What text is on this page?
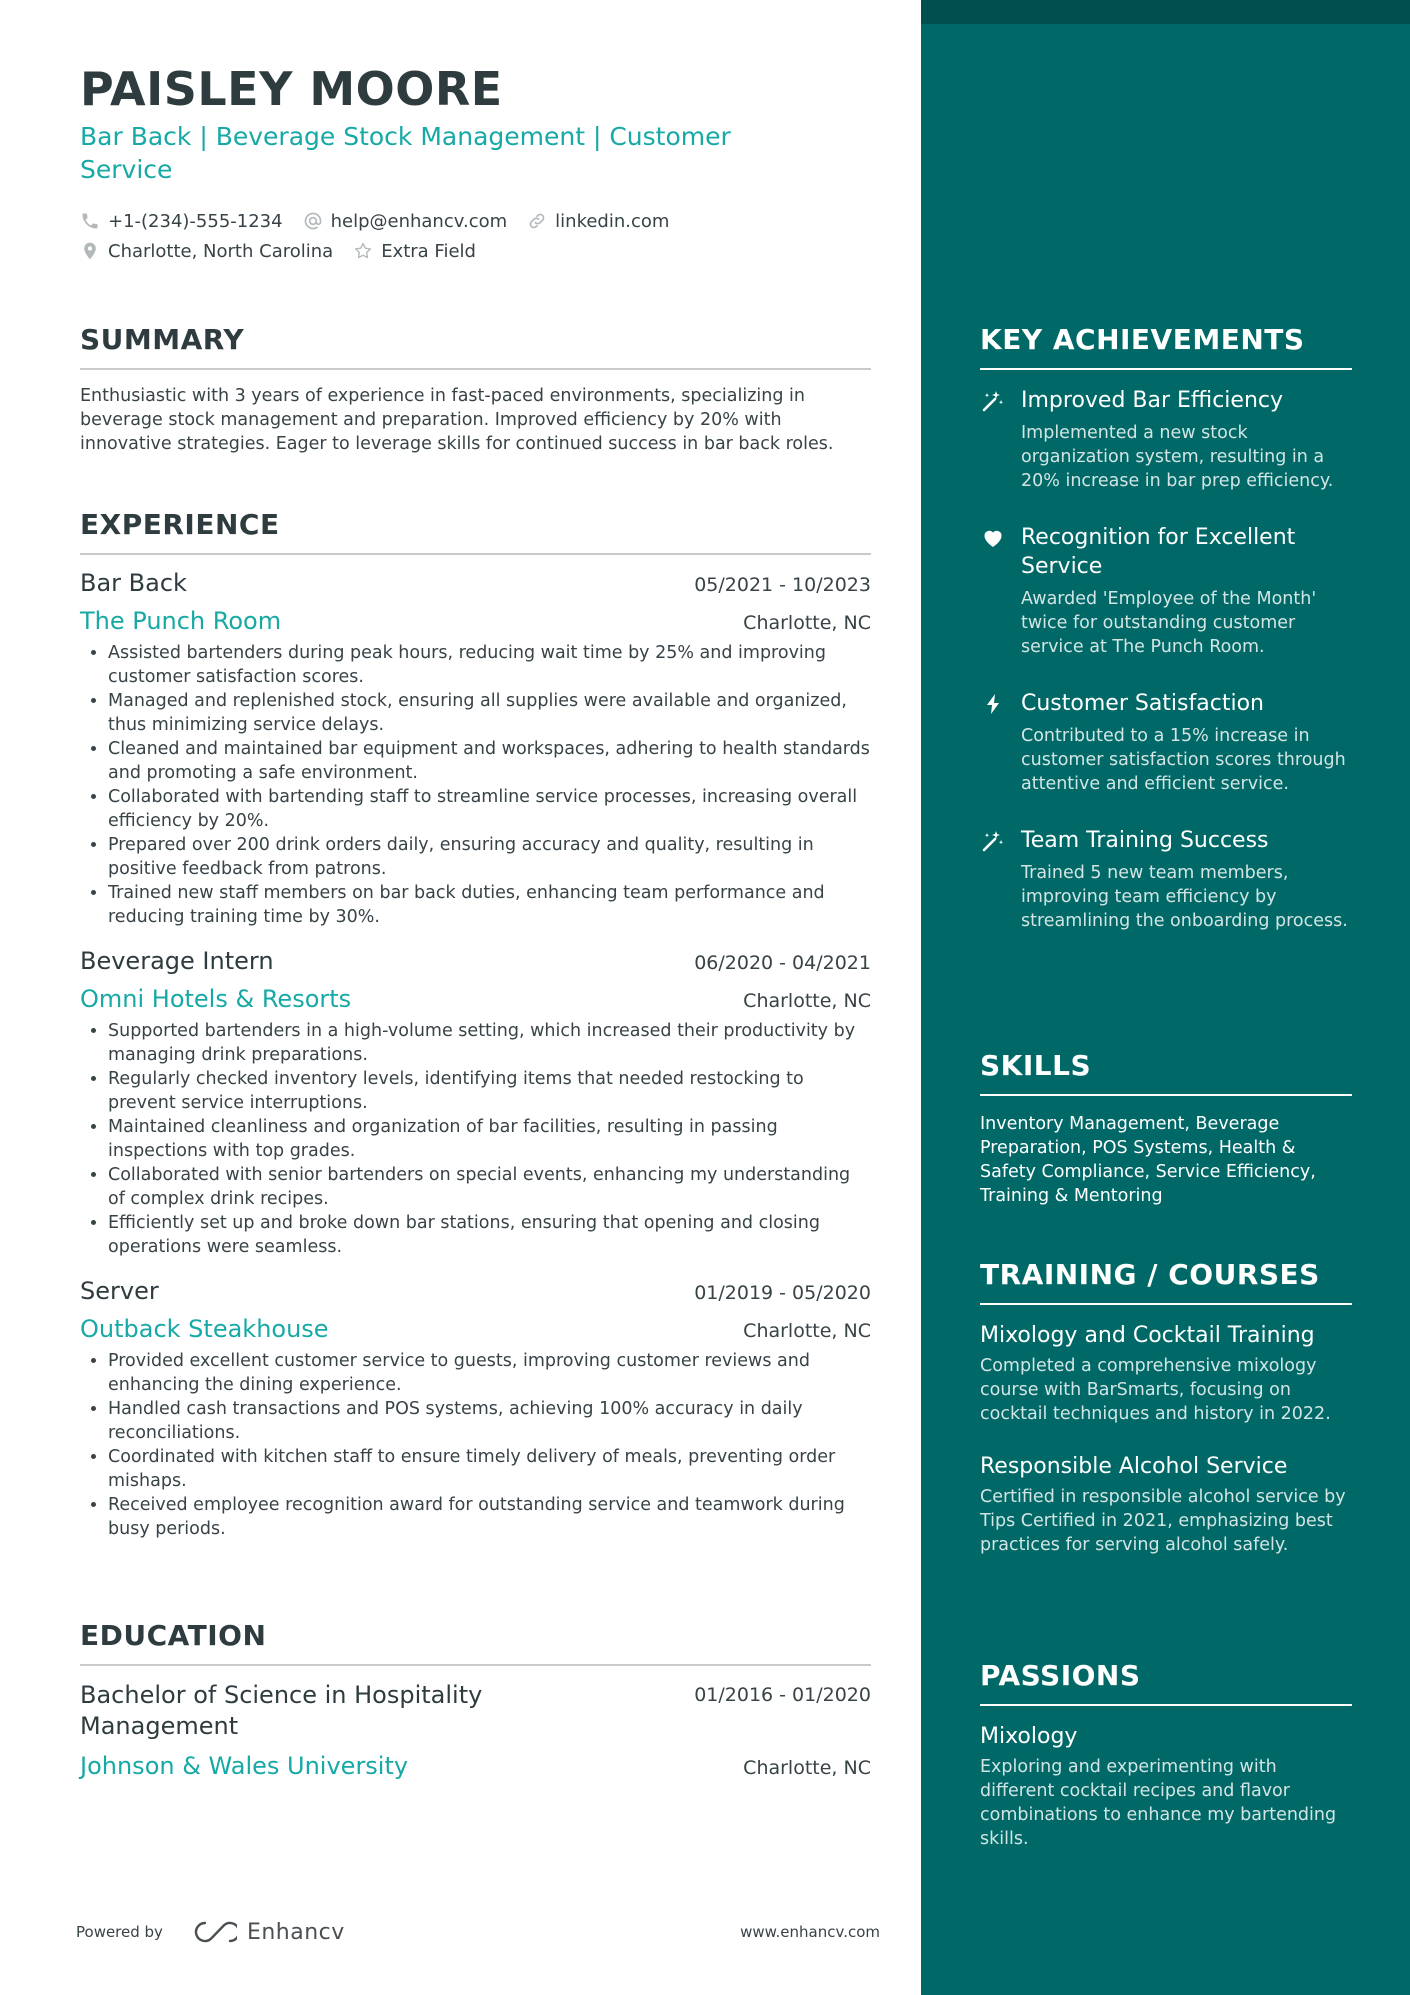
PAISLEY MOORE
Bar Back | Beverage Stock Management | Customer Service
+1-(234)-555-1234	help@enhancv.com	linkedin.com
Charlotte, North Carolina	Extra Field
SUMMARY
Enthusiastic with 3 years of experience in fast-paced environments, specializing in beverage stock management and preparation. Improved efficiency by 20% with innovative strategies. Eager to leverage skills for continued success in bar back roles.
EXPERIENCE
Bar Back	05/2021 - 10/2023
The Punch Room	Charlotte, NC
• Assisted bartenders during peak hours, reducing wait time by 25% and improving customer satisfaction scores.
• Managed and replenished stock, ensuring all supplies were available and organized, thus minimizing service delays.
• Cleaned and maintained bar equipment and workspaces, adhering to health standards and promoting a safe environment.
• Collaborated with bartending staff to streamline service processes, increasing overall efficiency by 20%.
• Prepared over 200 drink orders daily, ensuring accuracy and quality, resulting in positive feedback from patrons.
• Trained new staff members on bar back duties, enhancing team performance and reducing training time by 30%.
Beverage Intern	06/2020 - 04/2021
Omni Hotels & Resorts	Charlotte, NC
• Supported bartenders in a high-volume setting, which increased their productivity by managing drink preparations.
• Regularly checked inventory levels, identifying items that needed restocking to prevent service interruptions.
• Maintained cleanliness and organization of bar facilities, resulting in passing inspections with top grades.
• Collaborated with senior bartenders on special events, enhancing my understanding of complex drink recipes.
• Efficiently set up and broke down bar stations, ensuring that opening and closing operations were seamless.
Server	01/2019 - 05/2020
Outback Steakhouse	Charlotte, NC
• Provided excellent customer service to guests, improving customer reviews and enhancing the dining experience.
• Handled cash transactions and POS systems, achieving 100% accuracy in daily reconciliations.
• Coordinated with kitchen staff to ensure timely delivery of meals, preventing order mishaps.
• Received employee recognition award for outstanding service and teamwork during busy periods.
EDUCATION
Bachelor of Science in Hospitality Management
01/2016 - 01/2020
Johnson & Wales University	Charlotte, NC
Powered by	Enhancv	www.enhancv.com
KEY ACHIEVEMENTS
Improved Bar Efficiency
Implemented a new stock organization system, resulting in a 20% increase in bar prep efficiency.
Recognition for Excellent Service
Awarded 'Employee of the Month' twice for outstanding customer service at The Punch Room.
Customer Satisfaction
Contributed to a 15% increase in customer satisfaction scores through attentive and efficient service.
Team Training Success
Trained 5 new team members, improving team efficiency by streamlining the onboarding process.
SKILLS
Inventory Management, Beverage Preparation, POS Systems, Health & Safety Compliance, Service Efficiency, Training & Mentoring
TRAINING / COURSES
Mixology and Cocktail Training
Completed a comprehensive mixology course with BarSmarts, focusing on cocktail techniques and history in 2022.
Responsible Alcohol Service
Certified in responsible alcohol service by Tips Certified in 2021, emphasizing best practices for serving alcohol safely.
PASSIONS
Mixology
Exploring and experimenting with different cocktail recipes and flavor combinations to enhance my bartending skills.
